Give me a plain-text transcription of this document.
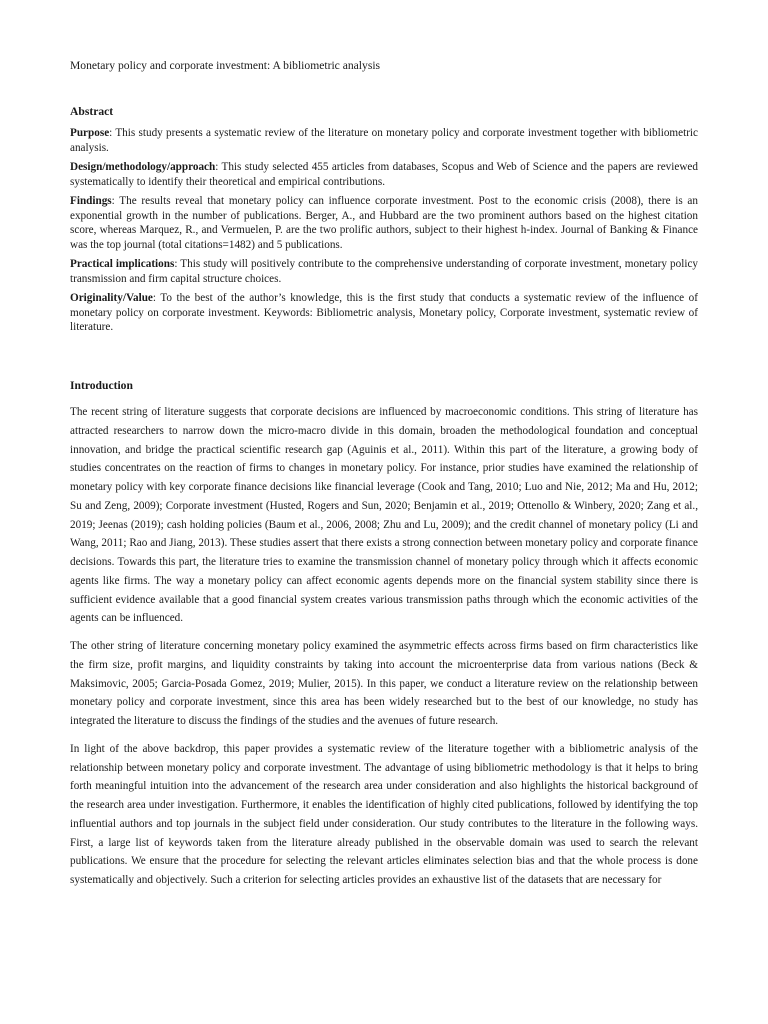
Monetary policy and corporate investment: A bibliometric analysis
Abstract

Purpose: This study presents a systematic review of the literature on monetary policy and corporate investment together with bibliometric analysis.

Design/methodology/approach: This study selected 455 articles from databases, Scopus and Web of Science and the papers are reviewed systematically to identify their theoretical and empirical contributions.

Findings: The results reveal that monetary policy can influence corporate investment. Post to the economic crisis (2008), there is an exponential growth in the number of publications. Berger, A., and Hubbard are the two prominent authors based on the highest citation score, whereas Marquez, R., and Vermuelen, P. are the two prolific authors, subject to their highest h-index. Journal of Banking & Finance was the top journal (total citations=1482) and 5 publications.

Practical implications: This study will positively contribute to the comprehensive understanding of corporate investment, monetary policy transmission and firm capital structure choices.

Originality/Value: To the best of the author’s knowledge, this is the first study that conducts a systematic review of the influence of monetary policy on corporate investment. Keywords: Bibliometric analysis, Monetary policy, Corporate investment, systematic review of literature.

Introduction

The recent string of literature suggests that corporate decisions are influenced by macroeconomic conditions. This string of literature has attracted researchers to narrow down the micro-macro divide in this domain, broaden the methodological foundation and conceptual innovation, and bridge the practical scientific research gap (Aguinis et al., 2011). Within this part of the literature, a growing body of studies concentrates on the reaction of firms to changes in monetary policy. For instance, prior studies have examined the relationship of monetary policy with key corporate finance decisions like financial leverage (Cook and Tang, 2010; Luo and Nie, 2012; Ma and Hu, 2012; Su and Zeng, 2009); Corporate investment (Husted, Rogers and Sun, 2020; Benjamin et al., 2019; Ottenollo & Winbery, 2020; Zang et al., 2019; Jeenas (2019); cash holding policies (Baum et al., 2006, 2008; Zhu and Lu, 2009); and the credit channel of monetary policy (Li and Wang, 2011; Rao and Jiang, 2013). These studies assert that there exists a strong connection between monetary policy and corporate finance decisions. Towards this part, the literature tries to examine the transmission channel of monetary policy through which it affects economic agents like firms. The way a monetary policy can affect economic agents depends more on the financial system stability since there is sufficient evidence available that a good financial system creates various transmission paths through which the economic activities of the agents can be influenced.

The other string of literature concerning monetary policy examined the asymmetric effects across firms based on firm characteristics like the firm size, profit margins, and liquidity constraints by taking into account the microenterprise data from various nations (Beck & Maksimovic, 2005; Garcia-Posada Gomez, 2019; Mulier, 2015). In this paper, we conduct a literature review on the relationship between monetary policy and corporate investment, since this area has been widely researched but to the best of our knowledge, no study has integrated the literature to discuss the findings of the studies and the avenues of future research.

In light of the above backdrop, this paper provides a systematic review of the literature together with a bibliometric analysis of the relationship between monetary policy and corporate investment. The advantage of using bibliometric methodology is that it helps to bring forth meaningful intuition into the advancement of the research area under consideration and also highlights the historical background of the research area under investigation. Furthermore, it enables the identification of highly cited publications, followed by identifying the top influential authors and top journals in the subject field under consideration. Our study contributes to the literature in the following ways. First, a large list of keywords taken from the literature already published in the observable domain was used to search the relevant publications. We ensure that the procedure for selecting the relevant articles eliminates selection bias and that the whole process is done systematically and objectively. Such a criterion for selecting articles provides an exhaustive list of the datasets that are necessary for
